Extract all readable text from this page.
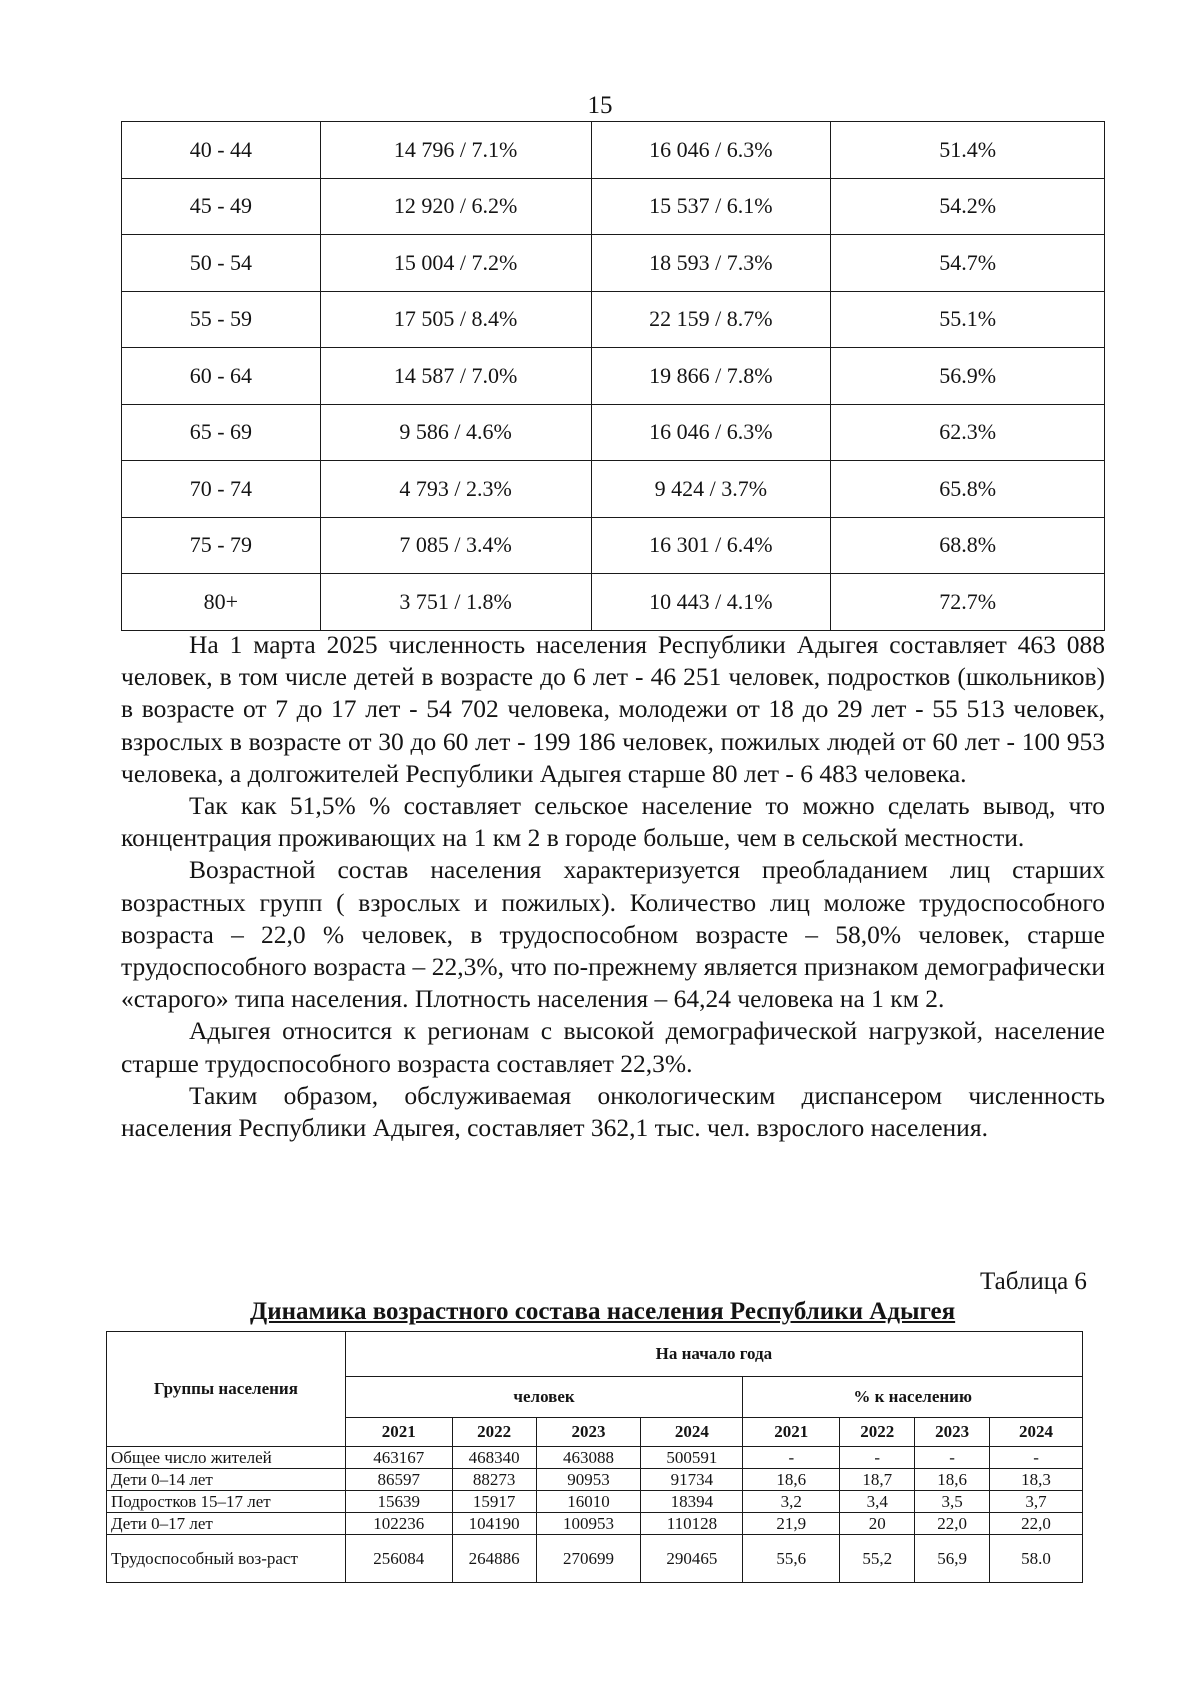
15
40 - 44	14 796 / 7.1%	16 046 / 6.3%	51.4%
45 - 49	12 920 / 6.2%	15 537 / 6.1%	54.2%
50 - 54	15 004 / 7.2%	18 593 / 7.3%	54.7%
55 - 59	17 505 / 8.4%	22 159 / 8.7%	55.1%
60 - 64	14 587 / 7.0%	19 866 / 7.8%	56.9%
65 - 69	9 586 / 4.6%	16 046 / 6.3%	62.3%
70 - 74	4 793 / 2.3%	9 424 / 3.7%	65.8%
75 - 79	7 085 / 3.4%	16 301 / 6.4%	68.8%
80+	3 751 / 1.8%	10 443 / 4.1%	72.7%

На 1 марта 2025 численность населения Республики Адыгея составляет 463 088 человек, в том числе детей в возрасте до 6 лет - 46 251 человек, подростков (школьников) в возрасте от 7 до 17 лет - 54 702 человека, молодежи от 18 до 29 лет - 55 513 человек, взрослых в возрасте от 30 до 60 лет - 199 186 человек, пожилых людей от 60 лет - 100 953 человека, а долгожителей Республики Адыгея старше 80 лет - 6 483 человека.

Так как 51,5% % составляет сельское население то можно сделать вывод, что концентрация проживающих на 1 км 2 в городе больше, чем в сельской местности.

Возрастной состав населения характеризуется преобладанием лиц старших возрастных групп ( взрослых и пожилых). Количество лиц моложе трудоспособного возраста – 22,0 % человек, в трудоспособном возрасте – 58,0% человек, старше трудоспособного возраста – 22,3%, что по-прежнему является признаком демографически «старого» типа населения. Плотность населения – 64,24 человека на 1 км 2.

Адыгея относится к регионам с высокой демографической нагрузкой, население старше трудоспособного возраста составляет 22,3%.

Таким образом, обслуживаемая онкологическим диспансером численность населения Республики Адыгея, составляет 362,1 тыс. чел. взрослого населения.

Таблица 6
Динамика возрастного состава населения Республики Адыгея
Группы населения	На начало года							
	человек				% к населению			
	2021	2022	2023	2024	2021	2022	2023	2024
Общее число жителей	463167	468340	463088	500591	-	-	-	-
Дети 0–14 лет	86597	88273	90953	91734	18,6	18,7	18,6	18,3
Подростков 15–17 лет	15639	15917	16010	18394	3,2	3,4	3,5	3,7
Дети 0–17 лет	102236	104190	100953	110128	21,9	20	22,0	22,0
Трудоспособный воз-раст	256084	264886	270699	290465	55,6	55,2	56,9	58.0
